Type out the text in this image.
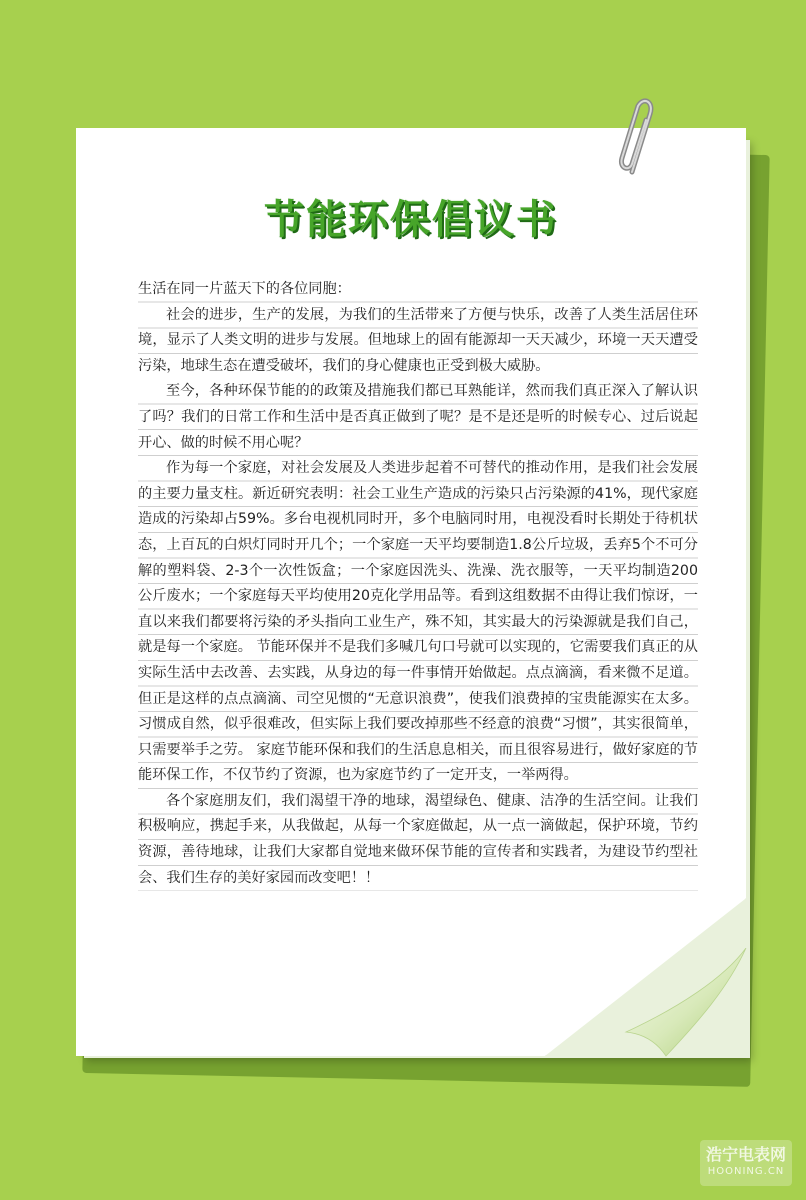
节能环保倡议书

生活在同一片蓝天下的各位同胞：

社会的进步，生产的发展，为我们的生活带来了方便与快乐，改善了人类生活居住环境，显示了人类文明的进步与发展。但地球上的固有能源却一天天减少，环境一天天遭受污染，地球生态在遭受破坏，我们的身心健康也正受到极大威胁。

至今，各种环保节能的的政策及措施我们都已耳熟能详，然而我们真正深入了解认识了吗？我们的日常工作和生活中是否真正做到了呢？是不是还是听的时候专心、过后说起开心、做的时候不用心呢？

作为每一个家庭，对社会发展及人类进步起着不可替代的推动作用，是我们社会发展的主要力量支柱。新近研究表明：社会工业生产造成的污染只占污染源的41%，现代家庭造成的污染却占59%。多台电视机同时开，多个电脑同时用，电视没看时长期处于待机状态，上百瓦的白炽灯同时开几个；一个家庭一天平均要制造1.8公斤垃圾，丢弃5个不可分解的塑料袋、2-3个一次性饭盒；一个家庭因洗头、洗澡、洗衣服等，一天平均制造200公斤废水；一个家庭每天平均使用20克化学用品等。看到这组数据不由得让我们惊讶，一直以来我们都要将污染的矛头指向工业生产，殊不知，其实最大的污染源就是我们自己，就是每一个家庭。 节能环保并不是我们多喊几句口号就可以实现的，它需要我们真正的从实际生活中去改善、去实践，从身边的每一件事情开始做起。点点滴滴，看来微不足道。但正是这样的点点滴滴、司空见惯的“无意识浪费”，使我们浪费掉的宝贵能源实在太多。习惯成自然，似乎很难改，但实际上我们要改掉那些不经意的浪费“习惯”，其实很简单，只需要举手之劳。 家庭节能环保和我们的生活息息相关，而且很容易进行，做好家庭的节能环保工作，不仅节约了资源，也为家庭节约了一定开支，一举两得。

各个家庭朋友们，我们渴望干净的地球，渴望绿色、健康、洁净的生活空间。让我们积极响应，携起手来，从我做起，从每一个家庭做起，从一点一滴做起，保护环境，节约资源，善待地球，让我们大家都自觉地来做环保节能的宣传者和实践者，为建设节约型社会、我们生存的美好家园而改变吧！！

浩宁电表网
HOONING.CN
